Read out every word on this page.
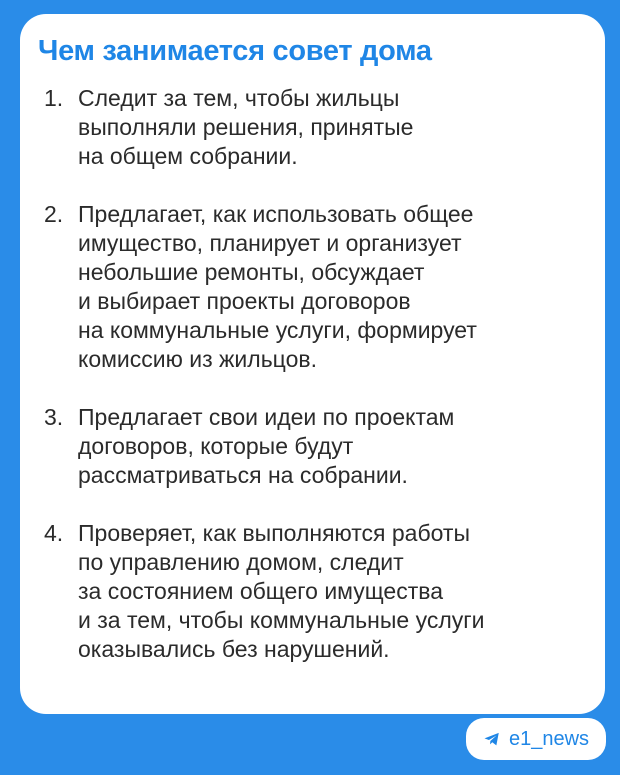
Чем занимается совет дома
1. Следит за тем, чтобы жильцы
выполняли решения, принятые
на общем собрании.
2. Предлагает, как использовать общее
имущество, планирует и организует
небольшие ремонты, обсуждает
и выбирает проекты договоров
на коммунальные услуги, формирует
комиссию из жильцов.
3. Предлагает свои идеи по проектам
договоров, которые будут
рассматриваться на собрании.
4. Проверяет, как выполняются работы
по управлению домом, следит
за состоянием общего имущества
и за тем, чтобы коммунальные услуги
оказывались без нарушений.
e1_news
